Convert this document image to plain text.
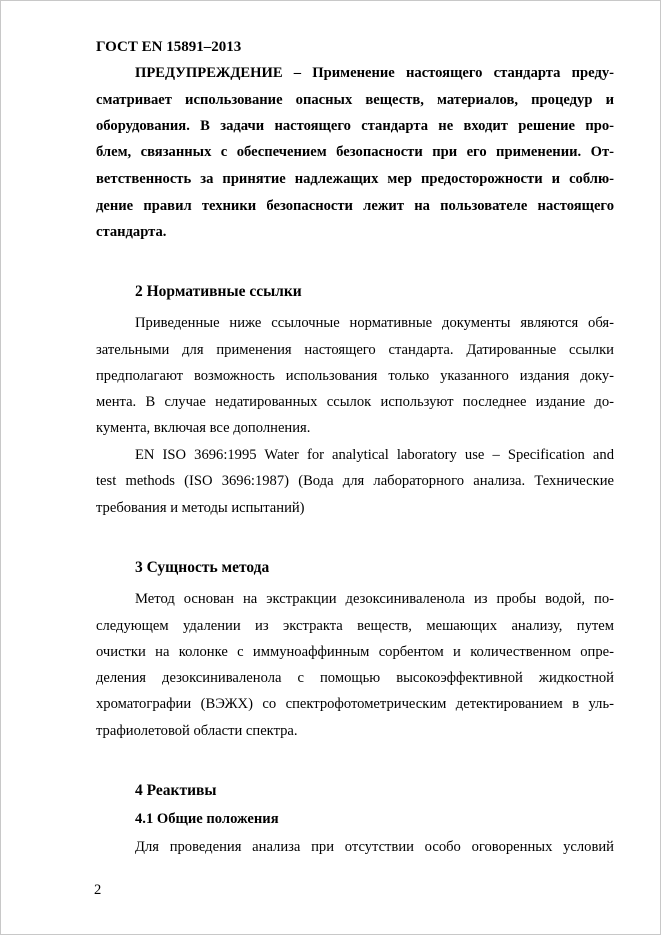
ГОСТ EN 15891–2013
ПРЕДУПРЕЖДЕНИЕ – Применение настоящего стандарта преду-
сматривает использование опасных веществ, материалов, процедур и
оборудования. В задачи настоящего стандарта не входит решение про-
блем, связанных с обеспечением безопасности при его применении. От-
ветственность за принятие надлежащих мер предосторожности и соблю-
дение правил техники безопасности лежит на пользователе настоящего
стандарта.
2 Нормативные ссылки
Приведенные ниже ссылочные нормативные документы являются обя-
зательными для применения настоящего стандарта. Датированные ссылки
предполагают возможность использования только указанного издания доку-
мента. В случае недатированных ссылок используют последнее издание до-
кумента, включая все дополнения.
EN ISO 3696:1995 Water for analytical laboratory use – Specification and
test methods (ISO 3696:1987) (Вода для лабораторного анализа. Технические
требования и методы испытаний)
3 Сущность метода
Метод основан на экстракции дезоксиниваленола из пробы водой, по-
следующем удалении из экстракта веществ, мешающих анализу, путем
очистки на колонке с иммуноаффинным сорбентом и количественном опре-
деления дезоксиниваленола с помощью высокоэффективной жидкостной
хроматографии (ВЭЖХ) со спектрофотометрическим детектированием в уль-
трафиолетовой области спектра.
4 Реактивы
4.1 Общие положения
Для проведения анализа при отсутствии особо оговоренных условий
2
